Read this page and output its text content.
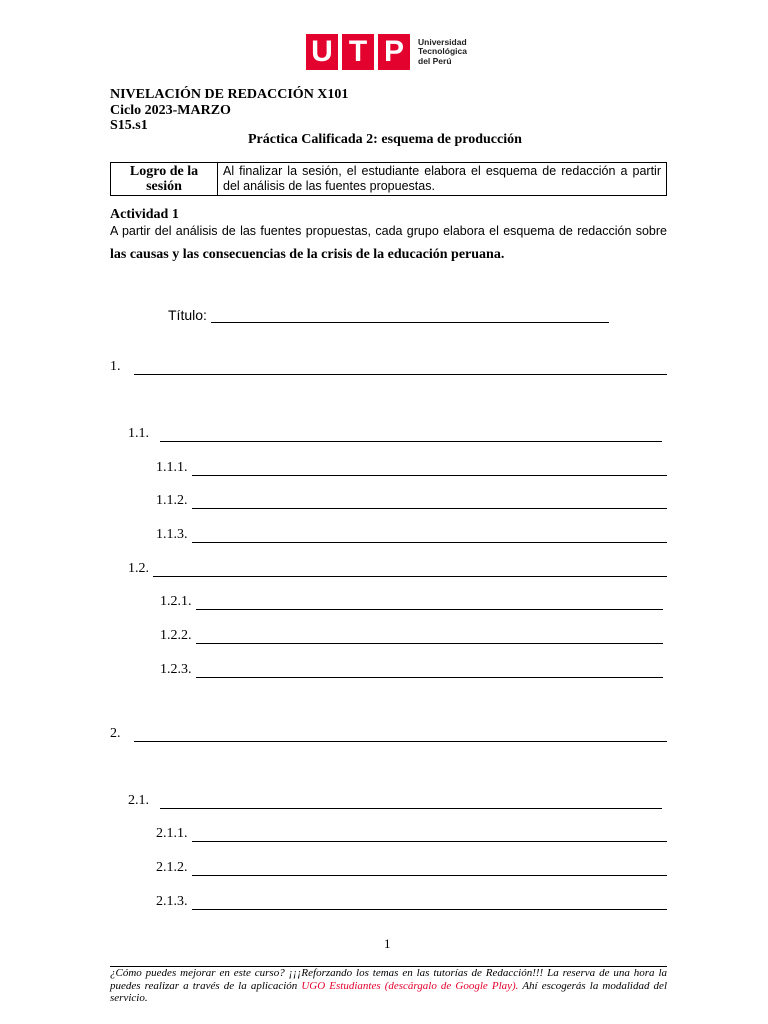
U T P	Universidad
Tecnológica
del Perú
NIVELACIÓN DE REDACCIÓN X101
Ciclo 2023-MARZO
S15.s1
Práctica Calificada 2: esquema de producción
Logro de la
sesión
	Al finalizar la sesión, el estudiante elabora el esquema de redacción a partir del análisis de las fuentes propuestas.
Actividad 1
A partir del análisis de las fuentes propuestas, cada grupo elabora el esquema de redacción sobre
las causas y las consecuencias de la crisis de la educación peruana.
Título:
1.
1.1.
1.1.1.
1.1.2.
1.1.3.
1.2.
1.2.1.
1.2.2.
1.2.3.
2.
2.1.
2.1.1.
2.1.2.
2.1.3.
1
¿Cómo puedes mejorar en este curso? ¡¡¡Reforzando los temas en las tutorías de Redacción!!! La reserva de una hora la puedes realizar a través de la aplicación UGO Estudiantes (descárgalo de Google Play). Ahí escogerás la modalidad del servicio.
